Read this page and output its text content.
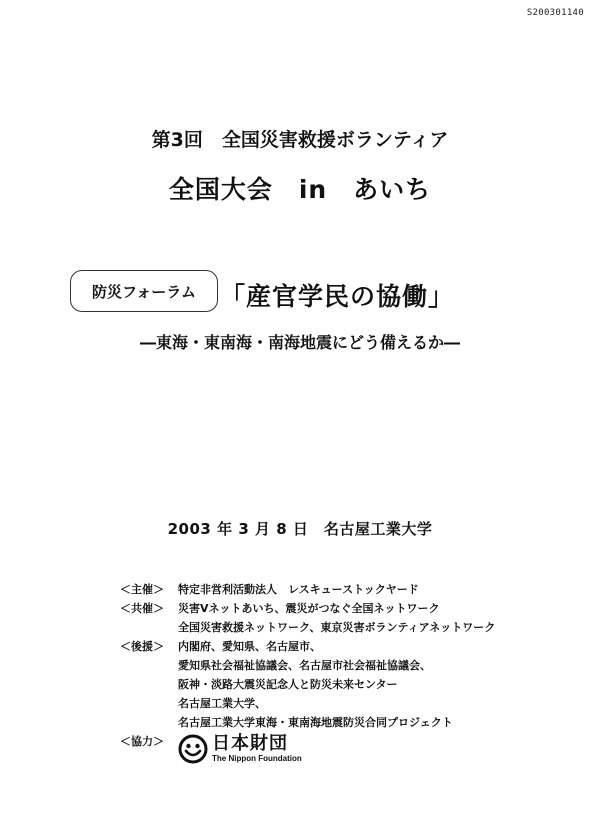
S200301140
第3回　全国災害救援ボランティア
全国大会　in　あいち
防災フォーラム 「産官学民の協働」
―東海・東南海・南海地震にどう備えるか―
2003 年 3 月 8 日　名古屋工業大学
＜主催＞	特定非営利活動法人　レスキューストックヤード
＜共催＞	災害Vネットあいち、震災がつなぐ全国ネットワーク
全国災害救援ネットワーク、東京災害ボランティアネットワーク
＜後援＞	内閣府、愛知県、名古屋市、
愛知県社会福祉協議会、名古屋市社会福祉協議会、
阪神・淡路大震災記念人と防災未来センター
名古屋工業大学、
名古屋工業大学東海・東南海地震防災合同プロジェクト
＜協力＞	日本財団
The Nippon Foundation
